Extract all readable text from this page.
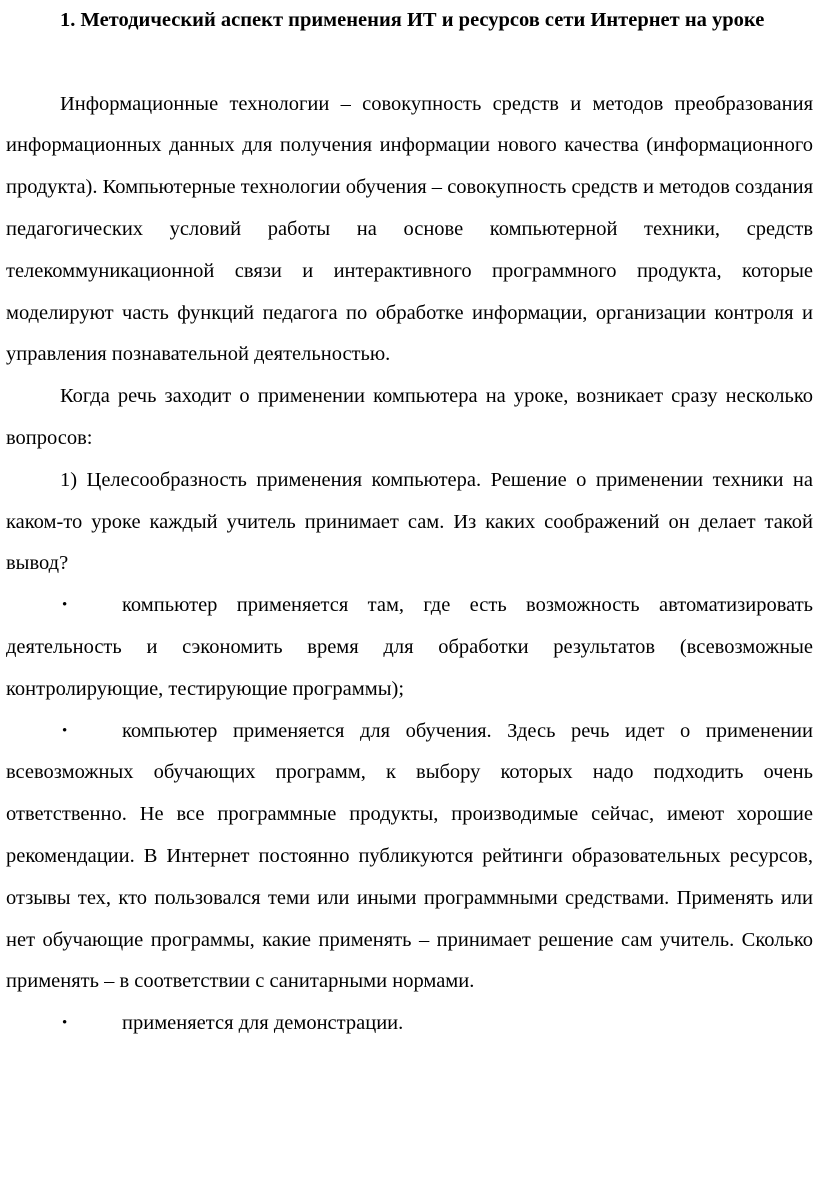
1. Методический аспект применения ИТ и ресурсов сети Интернет на уроке

Информационные технологии – совокупность средств и методов преобразования информационных данных для получения информации нового качества (информационного продукта). Компьютерные технологии обучения – совокупность средств и методов создания педагогических условий работы на основе компьютерной техники, средств телекоммуникационной связи и интерактивного программного продукта, которые моделируют часть функций педагога по обработке информации, организации контроля и управления познавательной деятельностью.

Когда речь заходит о применении компьютера на уроке, возникает сразу несколько вопросов:

1) Целесообразность применения компьютера. Решение о применении техники на каком-то уроке каждый учитель принимает сам. Из каких соображений он делает такой вывод?

•	компьютер применяется там, где есть возможность автоматизировать деятельность и сэкономить время для обработки результатов (всевозможные контролирующие, тестирующие программы);
•	компьютер применяется для обучения. Здесь речь идет о применении всевозможных обучающих программ, к выбору которых надо подходить очень ответственно. Не все программные продукты, производимые сейчас, имеют хорошие рекомендации. В Интернет постоянно публикуются рейтинги образовательных ресурсов, отзывы тех, кто пользовался теми или иными программными средствами. Применять или нет обучающие программы, какие применять – принимает решение сам учитель. Сколько применять – в соответствии с санитарными нормами.
•	применяется для демонстрации.
